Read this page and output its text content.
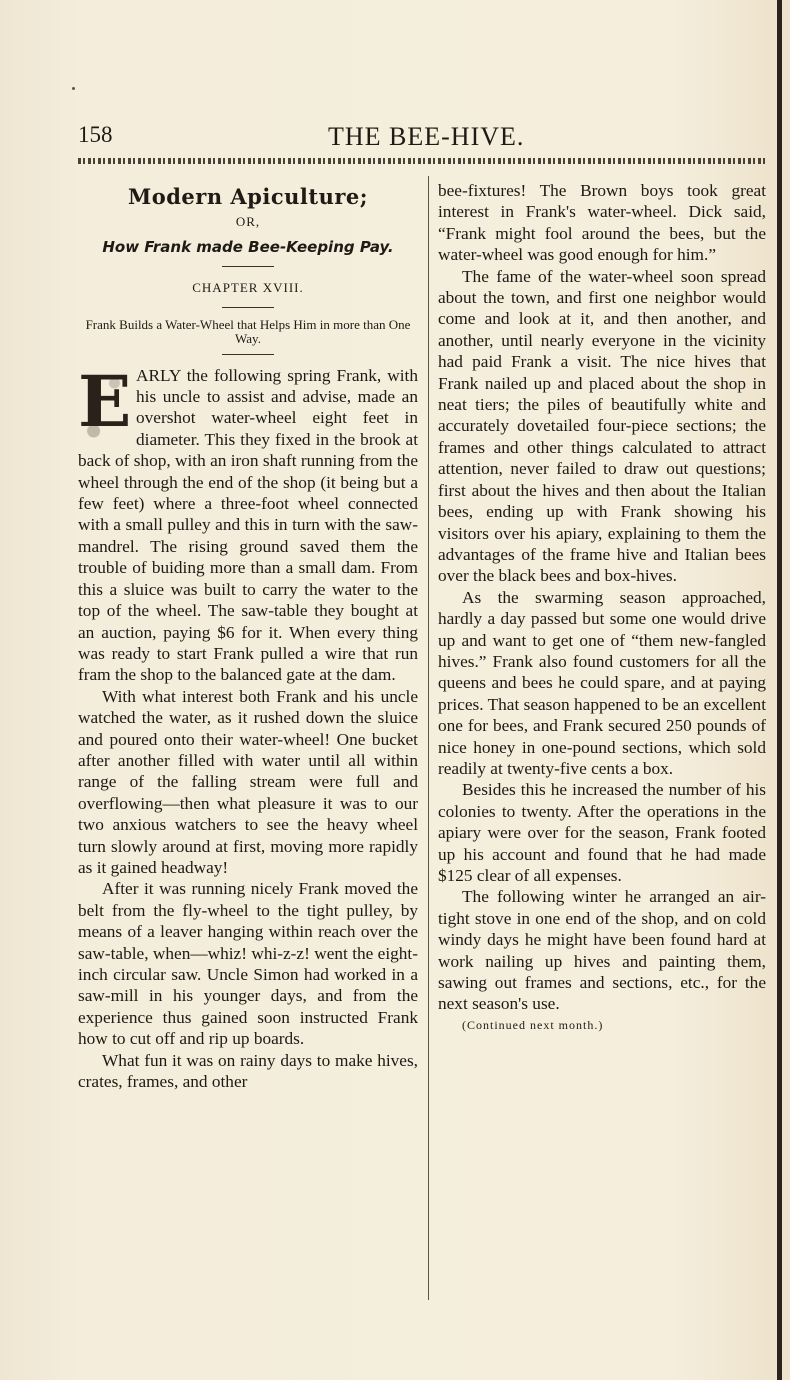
158	THE BEE-HIVE.
Modern Apiculture;
OR,
How Frank made Bee-Keeping Pay.
CHAPTER XVIII.
Frank Builds a Water-Wheel that Helps Him in more than One Way.
E ARLY the following spring Frank, with his uncle to assist and advise, made an overshot water-wheel eight feet in diameter. This they fixed in the brook at back of shop, with an iron shaft running from the wheel through the end of the shop (it being but a few feet) where a three-foot wheel connected with a small pulley and this in turn with the saw-mandrel. The rising ground saved them the trouble of buiding more than a small dam. From this a sluice was built to carry the water to the top of the wheel. The saw-table they bought at an auction, paying $6 for it. When every thing was ready to start Frank pulled a wire that run fram the shop to the balanced gate at the dam.

With what interest both Frank and his uncle watched the water, as it rushed down the sluice and poured onto their water-wheel! One bucket after another filled with water until all within range of the falling stream were full and overflowing—then what pleasure it was to our two anxious watchers to see the heavy wheel turn slowly around at first, moving more rapidly as it gained headway!

After it was running nicely Frank moved the belt from the fly-wheel to the tight pulley, by means of a leaver hanging within reach over the saw-table, when—whiz! whi-z-z! went the eight-inch circular saw. Uncle Simon had worked in a saw-mill in his younger days, and from the experience thus gained soon instructed Frank how to cut off and rip up boards.

What fun it was on rainy days to make hives, crates, frames, and other

bee-fixtures! The Brown boys took great interest in Frank's water-wheel. Dick said, “Frank might fool around the bees, but the water-wheel was good enough for him.”

The fame of the water-wheel soon spread about the town, and first one neighbor would come and look at it, and then another, and another, until nearly everyone in the vicinity had paid Frank a visit. The nice hives that Frank nailed up and placed about the shop in neat tiers; the piles of beautifully white and accurately dovetailed four-piece sections; the frames and other things calculated to attract attention, never failed to draw out questions; first about the hives and then about the Italian bees, ending up with Frank showing his visitors over his apiary, explaining to them the advantages of the frame hive and Italian bees over the black bees and box-hives.

As the swarming season approached, hardly a day passed but some one would drive up and want to get one of “them new-fangled hives.” Frank also found customers for all the queens and bees he could spare, and at paying prices. That season happened to be an excellent one for bees, and Frank secured 250 pounds of nice honey in one-pound sections, which sold readily at twenty-five cents a box.

Besides this he increased the number of his colonies to twenty. After the operations in the apiary were over for the season, Frank footed up his account and found that he had made $125 clear of all expenses.

The following winter he arranged an air-tight stove in one end of the shop, and on cold windy days he might have been found hard at work nailing up hives and painting them, sawing out frames and sections, etc., for the next season's use.

(Continued next month.)
